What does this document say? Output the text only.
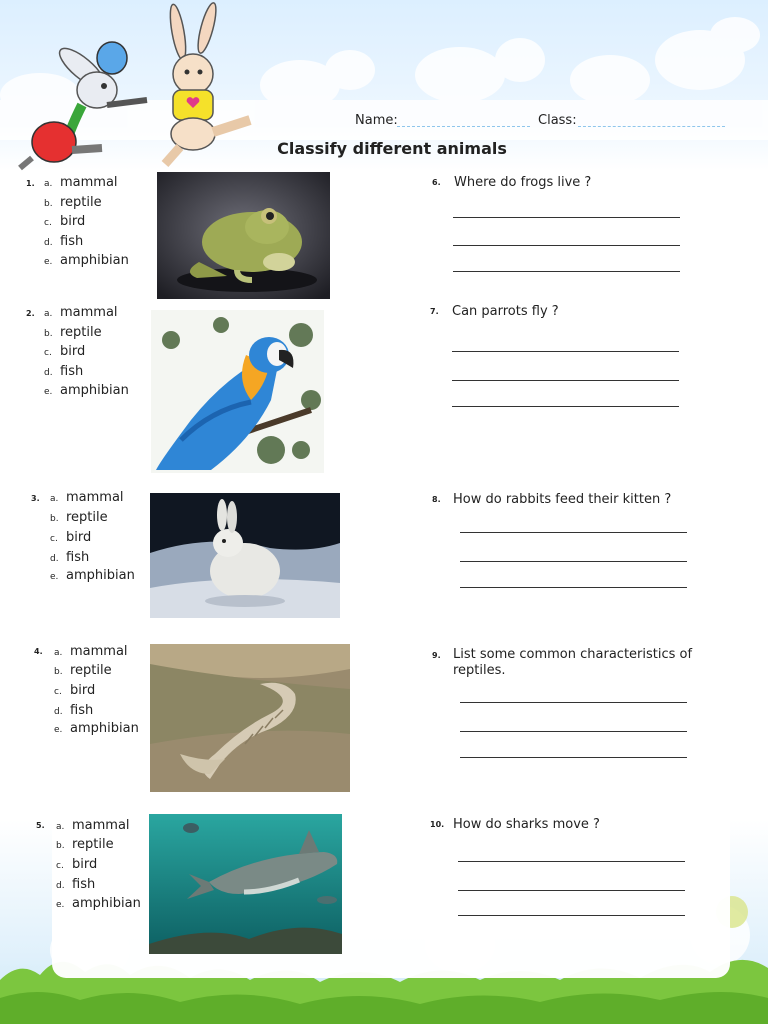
Name:	Class:
Classify different animals
1. a. mammal
b. reptile
c. bird
d. fish
e. amphibian
2. a. mammal
b. reptile
c. bird
d. fish
e. amphibian
3. a. mammal
b. reptile
c. bird
d. fish
e. amphibian
4. a. mammal
b. reptile
c. bird
d. fish
e. amphibian
5. a. mammal
b. reptile
c. bird
d. fish
e. amphibian
6. Where do frogs live ?
7. Can parrots fly ?
8. How do rabbits feed their kitten ?
9. List some common characteristics of reptiles.
10. How do sharks move ?
